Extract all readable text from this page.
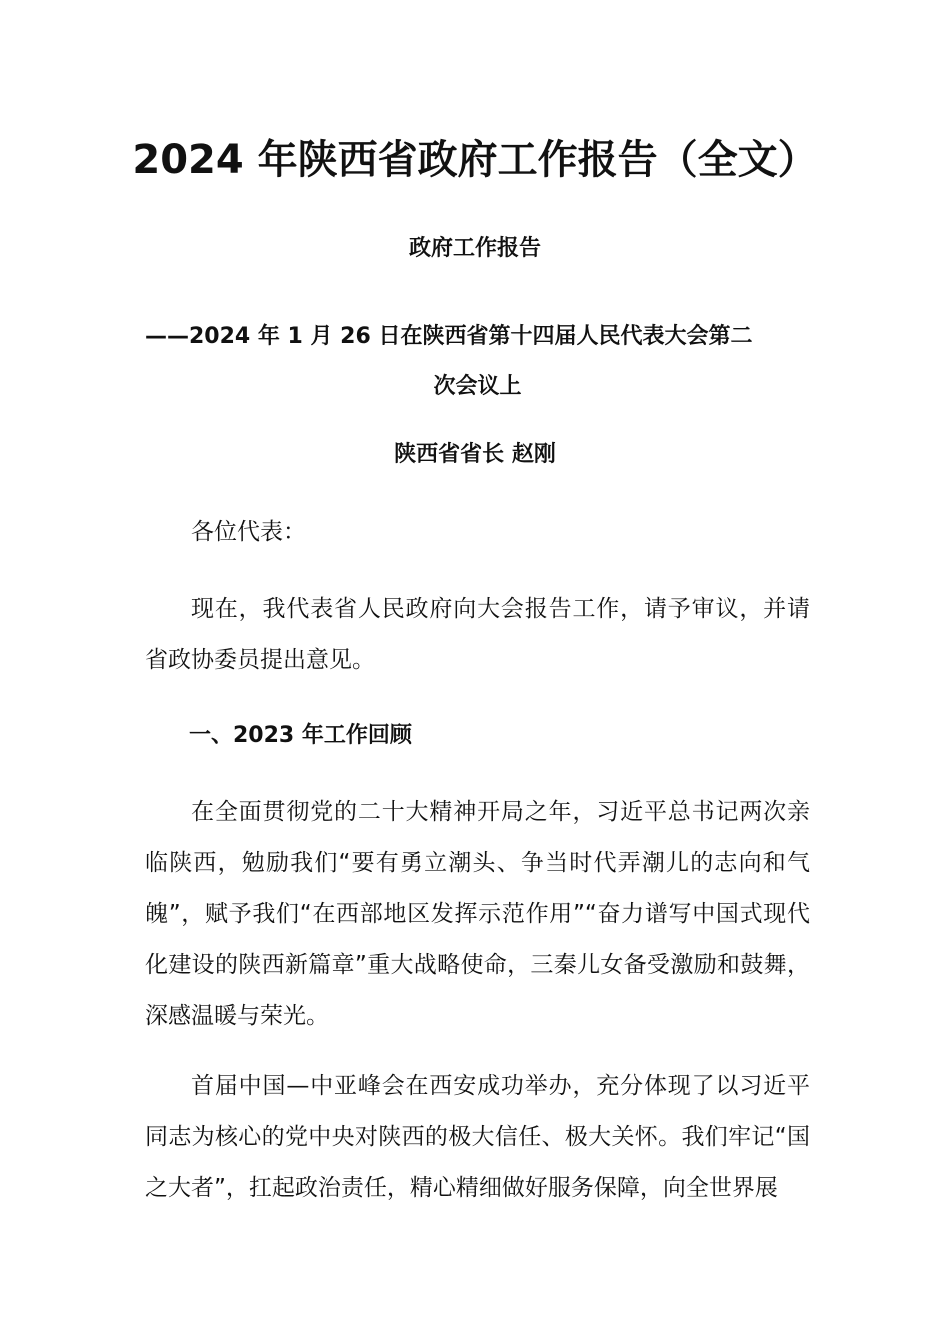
2024 年陕西省政府工作报告（全文）
政府工作报告
——2024 年 1 月 26 日在陕西省第十四届人民代表大会第二
次会议上
陕西省省长 赵刚

各位代表：

现在，我代表省人民政府向大会报告工作，请予审议，并请省政协委员提出意见。

一、2023 年工作回顾

在全面贯彻党的二十大精神开局之年，习近平总书记两次亲临陕西，勉励我们“要有勇立潮头、争当时代弄潮儿的志向和气魄”，赋予我们“在西部地区发挥示范作用”“奋力谱写中国式现代化建设的陕西新篇章”重大战略使命，三秦儿女备受激励和鼓舞，深感温暖与荣光。

首届中国—中亚峰会在西安成功举办，充分体现了以习近平同志为核心的党中央对陕西的极大信任、极大关怀。我们牢记“国之大者”，扛起政治责任，精心精细做好服务保障，向全世界展
